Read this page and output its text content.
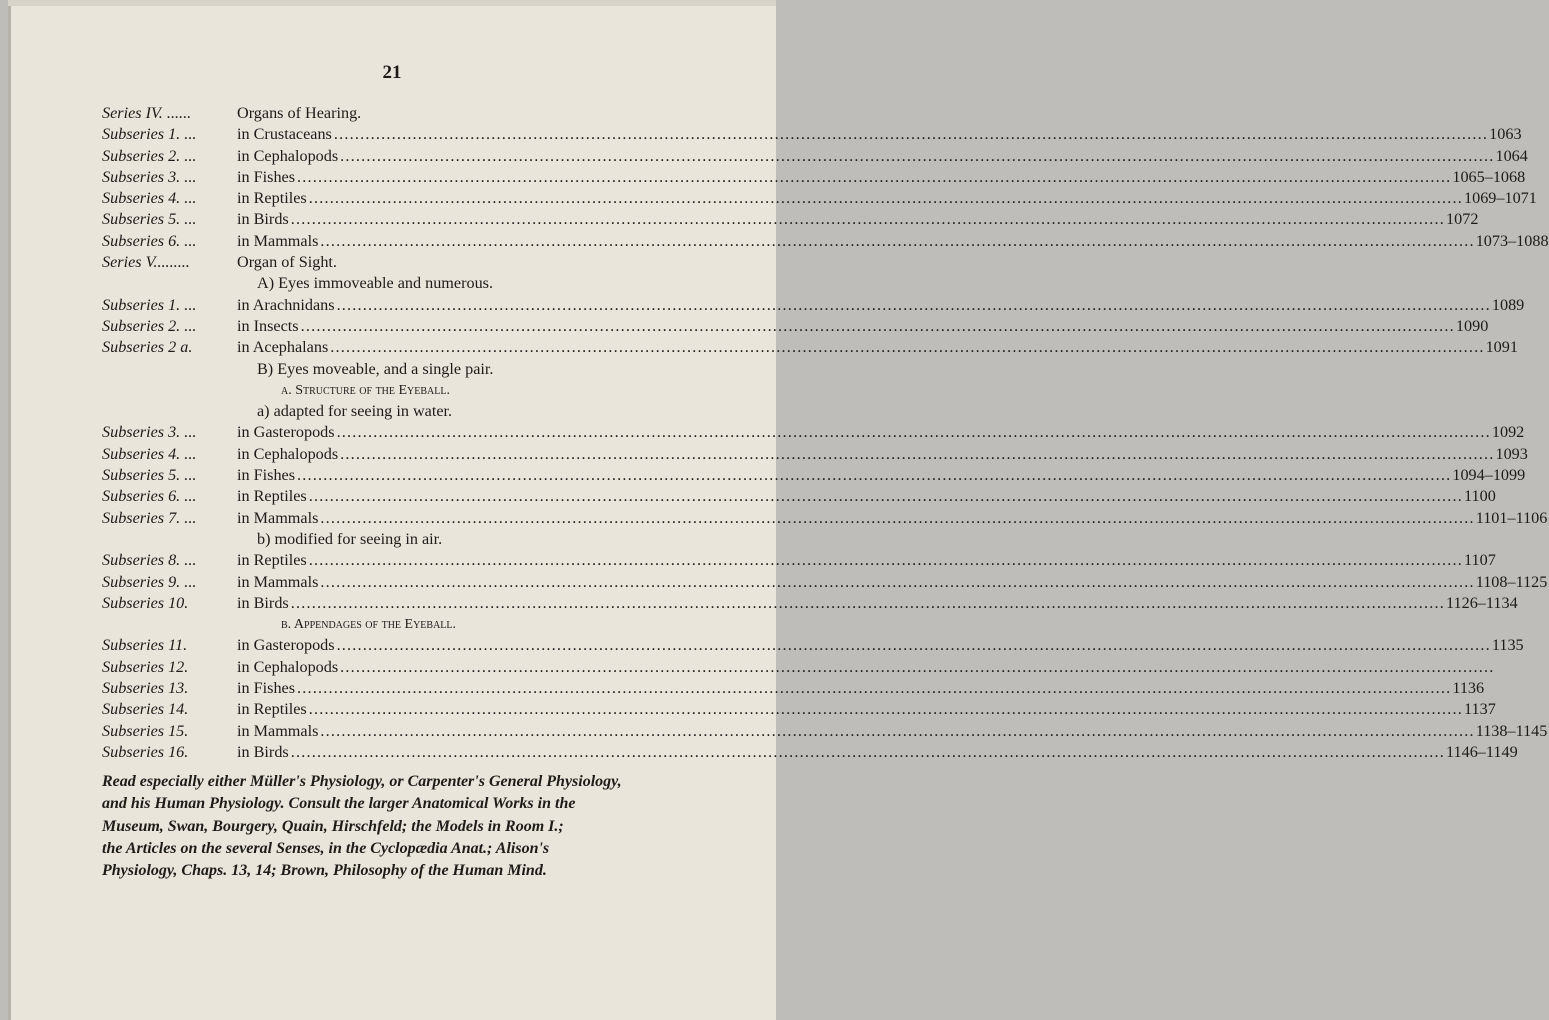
21
Series IV. ......	Organs of Hearing.
Subseries 1. ...	in Crustaceans ............................................................................................................................................................................................................................ 1063
Subseries 2. ...	in Cephalopods ............................................................................................................................................................................................................................ 1064
Subseries 3. ...	in Fishes ............................................................................................................................................................................................................................ 1065–1068
Subseries 4. ...	in Reptiles ............................................................................................................................................................................................................................ 1069–1071
Subseries 5. ...	in Birds ............................................................................................................................................................................................................................ 1072
Subseries 6. ...	in Mammals ............................................................................................................................................................................................................................ 1073–1088
Series V.........	Organ of Sight.
A) Eyes immoveable and numerous.
Subseries 1. ...	in Arachnidans ............................................................................................................................................................................................................................ 1089
Subseries 2. ...	in Insects ............................................................................................................................................................................................................................ 1090
Subseries 2 a.	in Acephalans ............................................................................................................................................................................................................................ 1091
B) Eyes moveable, and a single pair.
a. Structure of the Eyeball.
a) adapted for seeing in water.
Subseries 3. ...	in Gasteropods ............................................................................................................................................................................................................................ 1092
Subseries 4. ...	in Cephalopods ............................................................................................................................................................................................................................ 1093
Subseries 5. ...	in Fishes ............................................................................................................................................................................................................................ 1094–1099
Subseries 6. ...	in Reptiles ............................................................................................................................................................................................................................ 1100
Subseries 7. ...	in Mammals ............................................................................................................................................................................................................................ 1101–1106
b) modified for seeing in air.
Subseries 8. ...	in Reptiles ............................................................................................................................................................................................................................ 1107
Subseries 9. ...	in Mammals ............................................................................................................................................................................................................................ 1108–1125
Subseries 10.	in Birds ............................................................................................................................................................................................................................ 1126–1134
b. Appendages of the Eyeball.
Subseries 11.	in Gasteropods ............................................................................................................................................................................................................................ 1135
Subseries 12.	in Cephalopods ............................................................................................................................................................................................................................
Subseries 13.	in Fishes ............................................................................................................................................................................................................................ 1136
Subseries 14.	in Reptiles ............................................................................................................................................................................................................................ 1137
Subseries 15.	in Mammals ............................................................................................................................................................................................................................ 1138–1145
Subseries 16.	in Birds ............................................................................................................................................................................................................................ 1146–1149
Read especially either Müller's Physiology, or Carpenter's General Physiology,
and his Human Physiology. Consult the larger Anatomical Works in the
Museum, Swan, Bourgery, Quain, Hirschfeld; the Models in Room I.;
the Articles on the several Senses, in the Cyclopædia Anat.; Alison's
Physiology, Chaps. 13, 14; Brown, Philosophy of the Human Mind.
